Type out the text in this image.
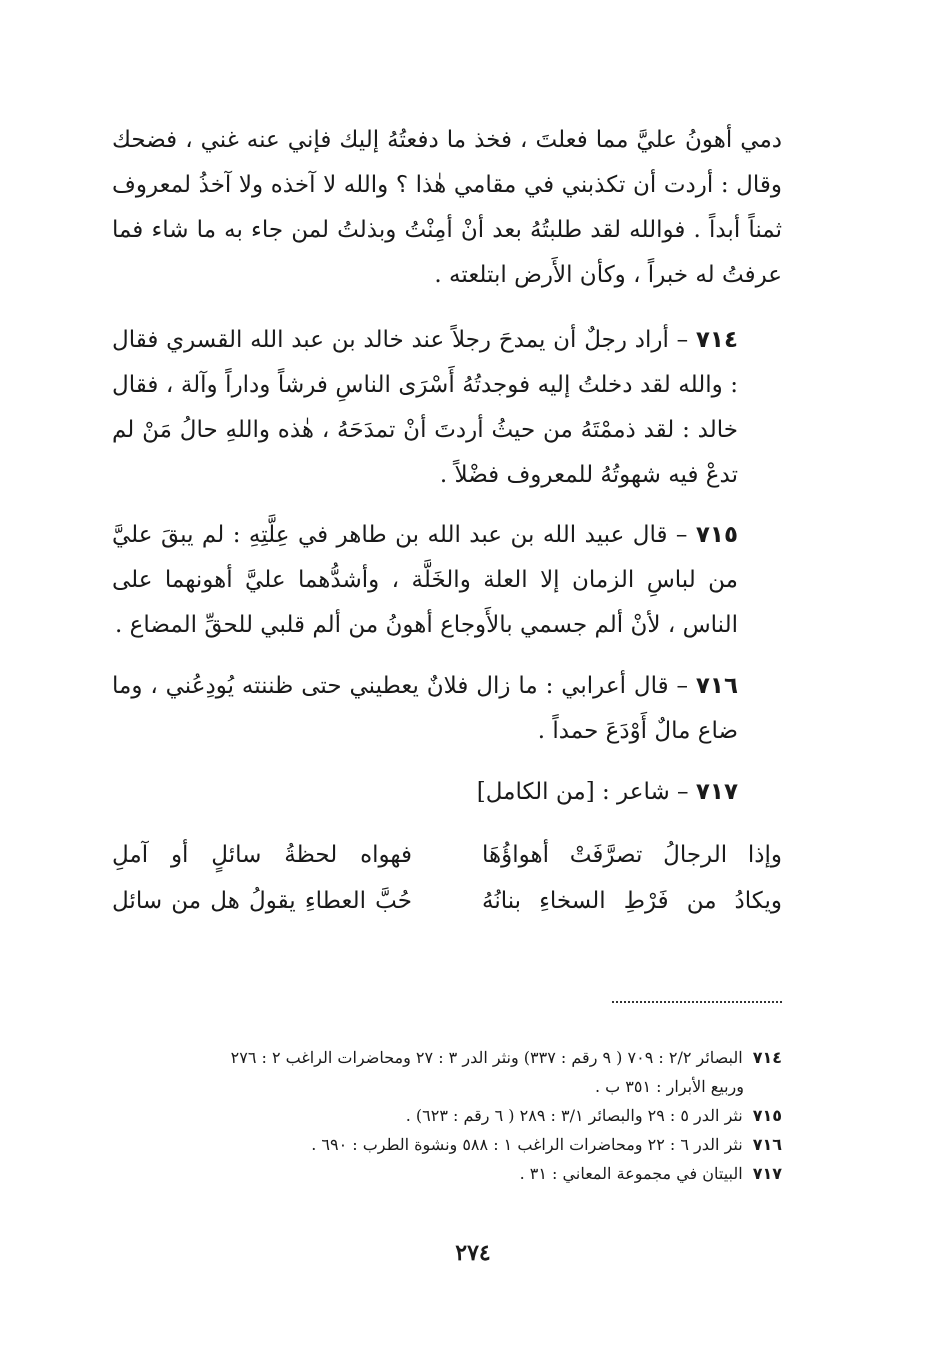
دمي أهونُ عليَّ مما فعلتَ ، فخذ ما دفعتُهُ إليك فإني عنه غني ، فضحك وقال : أردت أن تكذبني في مقامي هٰذا ؟ والله لا آخذه ولا آخذُ لمعروف ثمناً أبداً . فوالله لقد طلبتُهُ بعد أنْ أمِنْتُ وبذلتُ لمن جاء به ما شاء فما عرفتُ له خبراً ، وكأن الأَرض ابتلعته .

٧١٤ – أراد رجلٌ أن يمدحَ رجلاً عند خالد بن عبد الله القسري فقال : والله لقد دخلتُ إليه فوجدتُهُ أَسْرَى الناسِ فرشاً وداراً وآلة ، فقال خالد : لقد ذممْتَهُ من حيثُ أردتَ أنْ تمدَحَهُ ، هٰذه واللهِ حالُ مَنْ لم تدعْ فيه شهوتُهُ للمعروف فضْلاً .

٧١٥ – قال عبيد الله بن عبد الله بن طاهر في عِلَّتِهِ : لم يبقَ عليَّ من لباسِ الزمان إلا العلة والخَلَّة ، وأشدُّهما عليَّ أهونهما على الناس ، لأنْ ألم جسمي بالأَوجاع أهونُ من ألم قلبي للحقِّ المضاع .

٧١٦ – قال أعرابي : ما زال فلانٌ يعطيني حتى ظننته يُودِعُني ، وما ضاع مالٌ أَوْدَعَ حمداً .

٧١٧ – شاعر : [من الكامل]

وإذا الرجالُ تصرَّفَتْ أهواؤُهَا
فهواه لحظةُ سائلٍ أو آملِ
ويكادُ من فَرْطِ السخاءِ بنانُهُ
حُبَّ العطاءِ يقولُ هل من سائل

٧١٤البصائر ٢/٢ : ٧٠٩ ( ٩ رقم : ٣٣٧) ونثر الدر ٣ : ٢٧ ومحاضرات الراغب ٢ : ٢٧٦

وربيع الأبرار : ٣٥١ ب .

٧١٥نثر الدر ٥ : ٢٩ والبصائر ٣/١ : ٢٨٩ ( ٦ رقم : ٦٢٣) .

٧١٦نثر الدر ٦ : ٢٢ ومحاضرات الراغب ١ : ٥٨٨ ونشوة الطرب : ٦٩٠ .

٧١٧البيتان في مجموعة المعاني : ٣١ .

٢٧٤
